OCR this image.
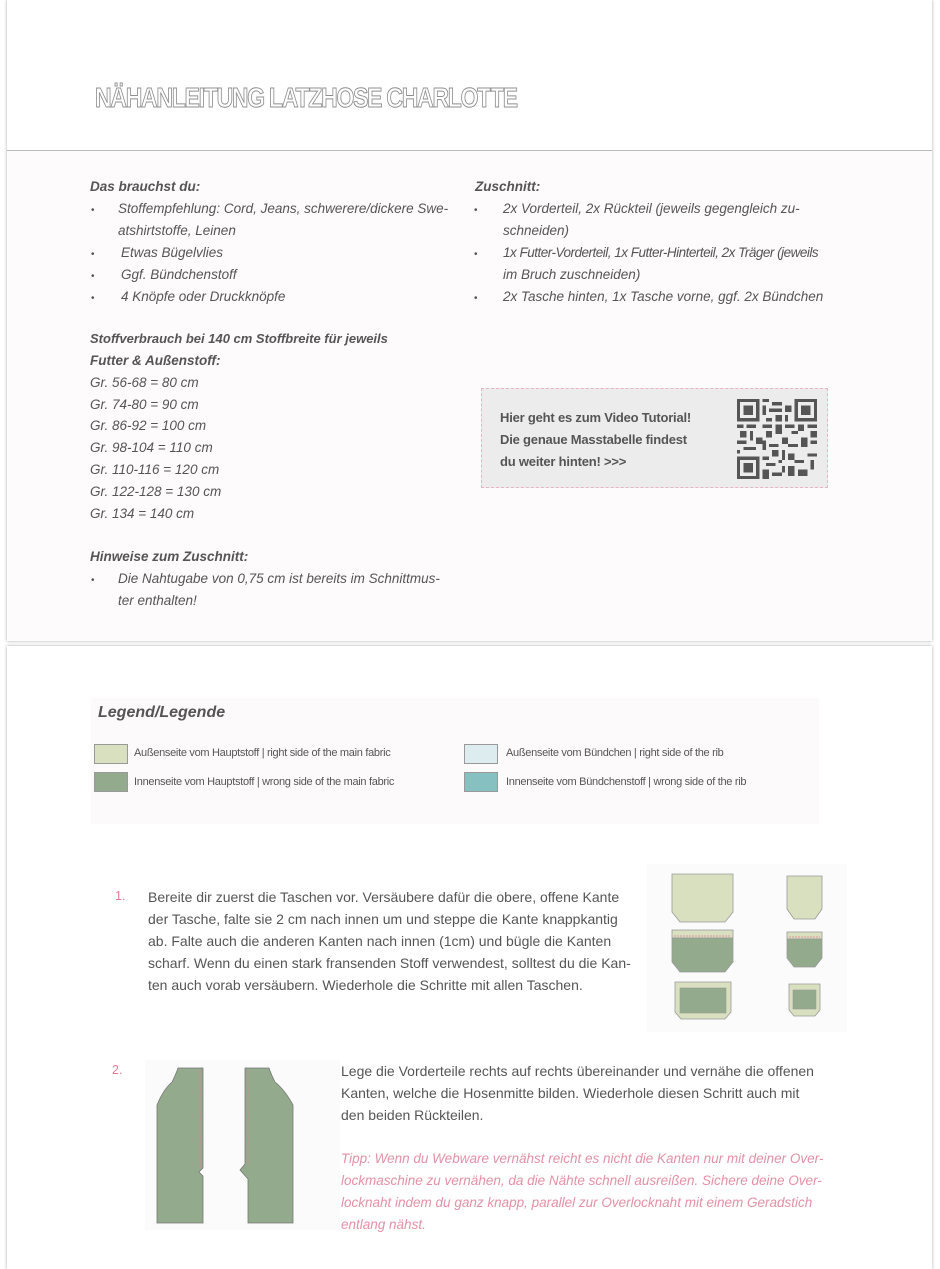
NÄHANLEITUNG LATZHOSE CHARLOTTE
Das brauchst du:
• Stoffempfehlung: Cord, Jeans, schwerere/dickere Swe-
atshirtstoffe, Leinen
• Etwas Bügelvlies
• Ggf. Bündchenstoff
• 4 Knöpfe oder Druckknöpfe
Zuschnitt:
• 2x Vorderteil, 2x Rückteil (jeweils gegengleich zu-
schneiden)
• 1x Futter-Vorderteil, 1x Futter-Hinterteil, 2x Träger (jeweils
im Bruch zuschneiden)
• 2x Tasche hinten, 1x Tasche vorne, ggf. 2x Bündchen
Stoffverbrauch bei 140 cm Stoffbreite für jeweils
Futter & Außenstoff:
Gr. 56-68 = 80 cm
Gr. 74-80 = 90 cm
Gr. 86-92 = 100 cm
Gr. 98-104 = 110 cm
Gr. 110-116 = 120 cm
Gr. 122-128 = 130 cm
Gr. 134 = 140 cm
Hinweise zum Zuschnitt:
• Die Nahtugabe von 0,75 cm ist bereits im Schnittmus-
ter enthalten!
Hier geht es zum Video Tutorial!
Die genaue Masstabelle findest
du weiter hinten! >>>
Legend/Legende
Außenseite vom Hauptstoff | right side of the main fabric
Innenseite vom Hauptstoff | wrong side of the main fabric
Außenseite vom Bündchen | right side of the rib
Innenseite vom Bündchenstoff | wrong side of the rib
1. Bereite dir zuerst die Taschen vor. Versäubere dafür die obere, offene Kante
der Tasche, falte sie 2 cm nach innen um und steppe die Kante knappkantig
ab. Falte auch die anderen Kanten nach innen (1cm) und bügle die Kanten
scharf. Wenn du einen stark fransenden Stoff verwendest, solltest du die Kan-
ten auch vorab versäubern. Wiederhole die Schritte mit allen Taschen.
2.	Lege die Vorderteile rechts auf rechts übereinander und vernähe die offenen
Kanten, welche die Hosenmitte bilden. Wiederhole diesen Schritt auch mit
den beiden Rückteilen.
Tipp: Wenn du Webware vernähst reicht es nicht die Kanten nur mit deiner Over-
lockmaschine zu vernähen, da die Nähte schnell ausreißen. Sichere deine Over-
locknaht indem du ganz knapp, parallel zur Overlocknaht mit einem Geradstich
entlang nähst.
